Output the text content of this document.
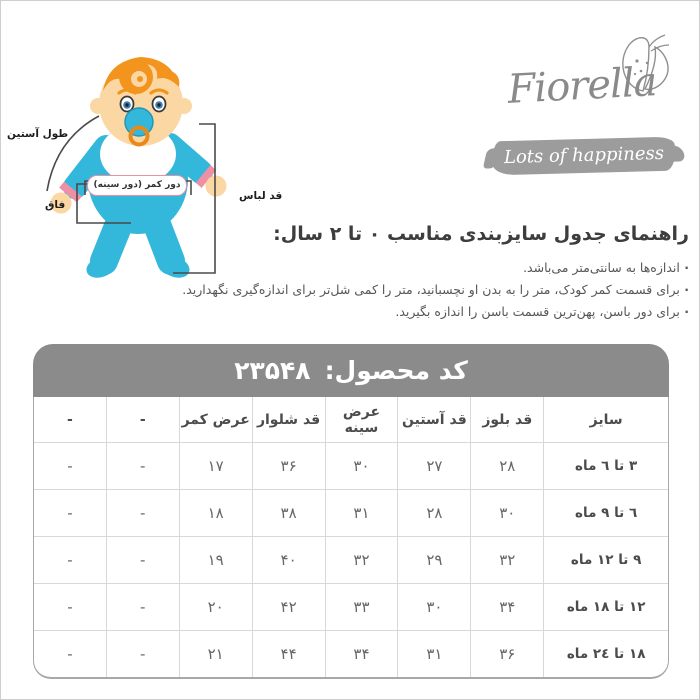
طول آستین
دور کمر (دور سینه)
فاق
قد لباس
Fiorella
Lots of happiness
راهنمای جدول سایزبندی مناسب ۰ تا ۲ سال:
· اندازه‌ها به سانتی‌متر می‌باشد.
· برای قسمت کمر کودک، متر را به بدن او نچسبانید، متر را کمی شل‌تر برای اندازه‌گیری نگهدارید.
· برای دور باسن، پهن‌ترین قسمت باسن را اندازه بگیرید.
کد محصول:
۲۳۵۴۸
سایز	قد بلوز	قد آستین	عرض سینه	قد شلوار	عرض کمر	-	-
۳ تا ٦ ماه	۲۸	۲۷	۳۰	۳۶	۱۷	-	-
٦ تا ۹ ماه	۳۰	۲۸	۳۱	۳۸	۱۸	-	-
۹ تا ۱۲ ماه	۳۲	۲۹	۳۲	۴۰	۱۹	-	-
۱۲ تا ۱۸ ماه	۳۴	۳۰	۳۳	۴۲	۲۰	-	-
۱۸ تا ۲٤ ماه	۳۶	۳۱	۳۴	۴۴	۲۱	-	-
